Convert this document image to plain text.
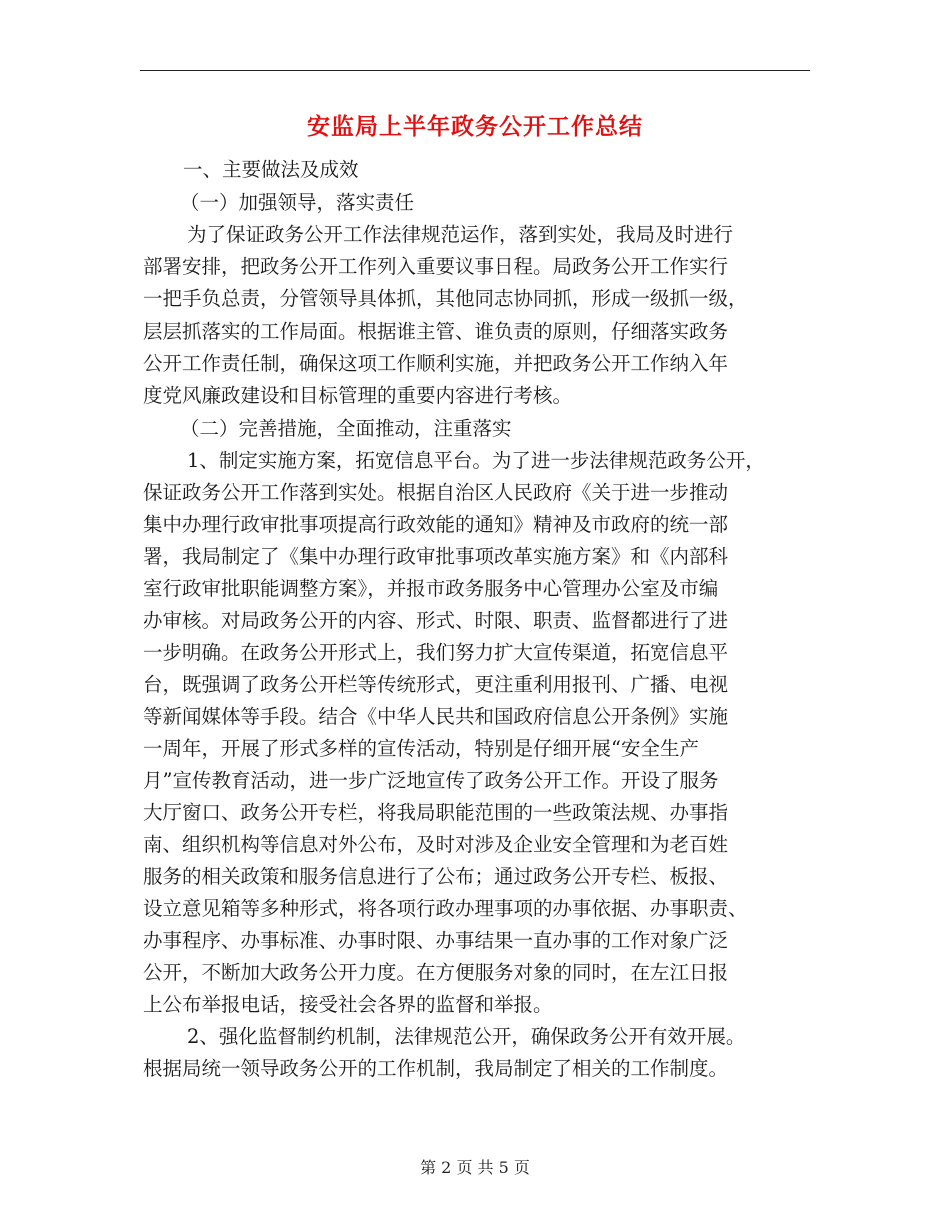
安监局上半年政务公开工作总结
一、主要做法及成效
（一）加强领导，落实责任
为了保证政务公开工作法律规范运作，落到实处，我局及时进行
部署安排，把政务公开工作列入重要议事日程。局政务公开工作实行
一把手负总责，分管领导具体抓，其他同志协同抓，形成一级抓一级，
层层抓落实的工作局面。根据谁主管、谁负责的原则，仔细落实政务
公开工作责任制，确保这项工作顺利实施，并把政务公开工作纳入年
度党风廉政建设和目标管理的重要内容进行考核。
（二）完善措施，全面推动，注重落实
1、制定实施方案，拓宽信息平台。为了进一步法律规范政务公开，
保证政务公开工作落到实处。根据自治区人民政府《关于进一步推动
集中办理行政审批事项提高行政效能的通知》精神及市政府的统一部
署，我局制定了《集中办理行政审批事项改革实施方案》和《内部科
室行政审批职能调整方案》，并报市政务服务中心管理办公室及市编
办审核。对局政务公开的内容、形式、时限、职责、监督都进行了进
一步明确。在政务公开形式上，我们努力扩大宣传渠道，拓宽信息平
台，既强调了政务公开栏等传统形式，更注重利用报刊、广播、电视
等新闻媒体等手段。结合《中华人民共和国政府信息公开条例》实施
一周年，开展了形式多样的宣传活动，特别是仔细开展“安全生产
月”宣传教育活动，进一步广泛地宣传了政务公开工作。开设了服务
大厅窗口、政务公开专栏，将我局职能范围的一些政策法规、办事指
南、组织机构等信息对外公布，及时对涉及企业安全管理和为老百姓
服务的相关政策和服务信息进行了公布；通过政务公开专栏、板报、
设立意见箱等多种形式，将各项行政办理事项的办事依据、办事职责、
办事程序、办事标准、办事时限、办事结果一直办事的工作对象广泛
公开，不断加大政务公开力度。在方便服务对象的同时，在左江日报
上公布举报电话，接受社会各界的监督和举报。
2、强化监督制约机制，法律规范公开，确保政务公开有效开展。
根据局统一领导政务公开的工作机制，我局制定了相关的工作制度。
第 2 页 共 5 页
